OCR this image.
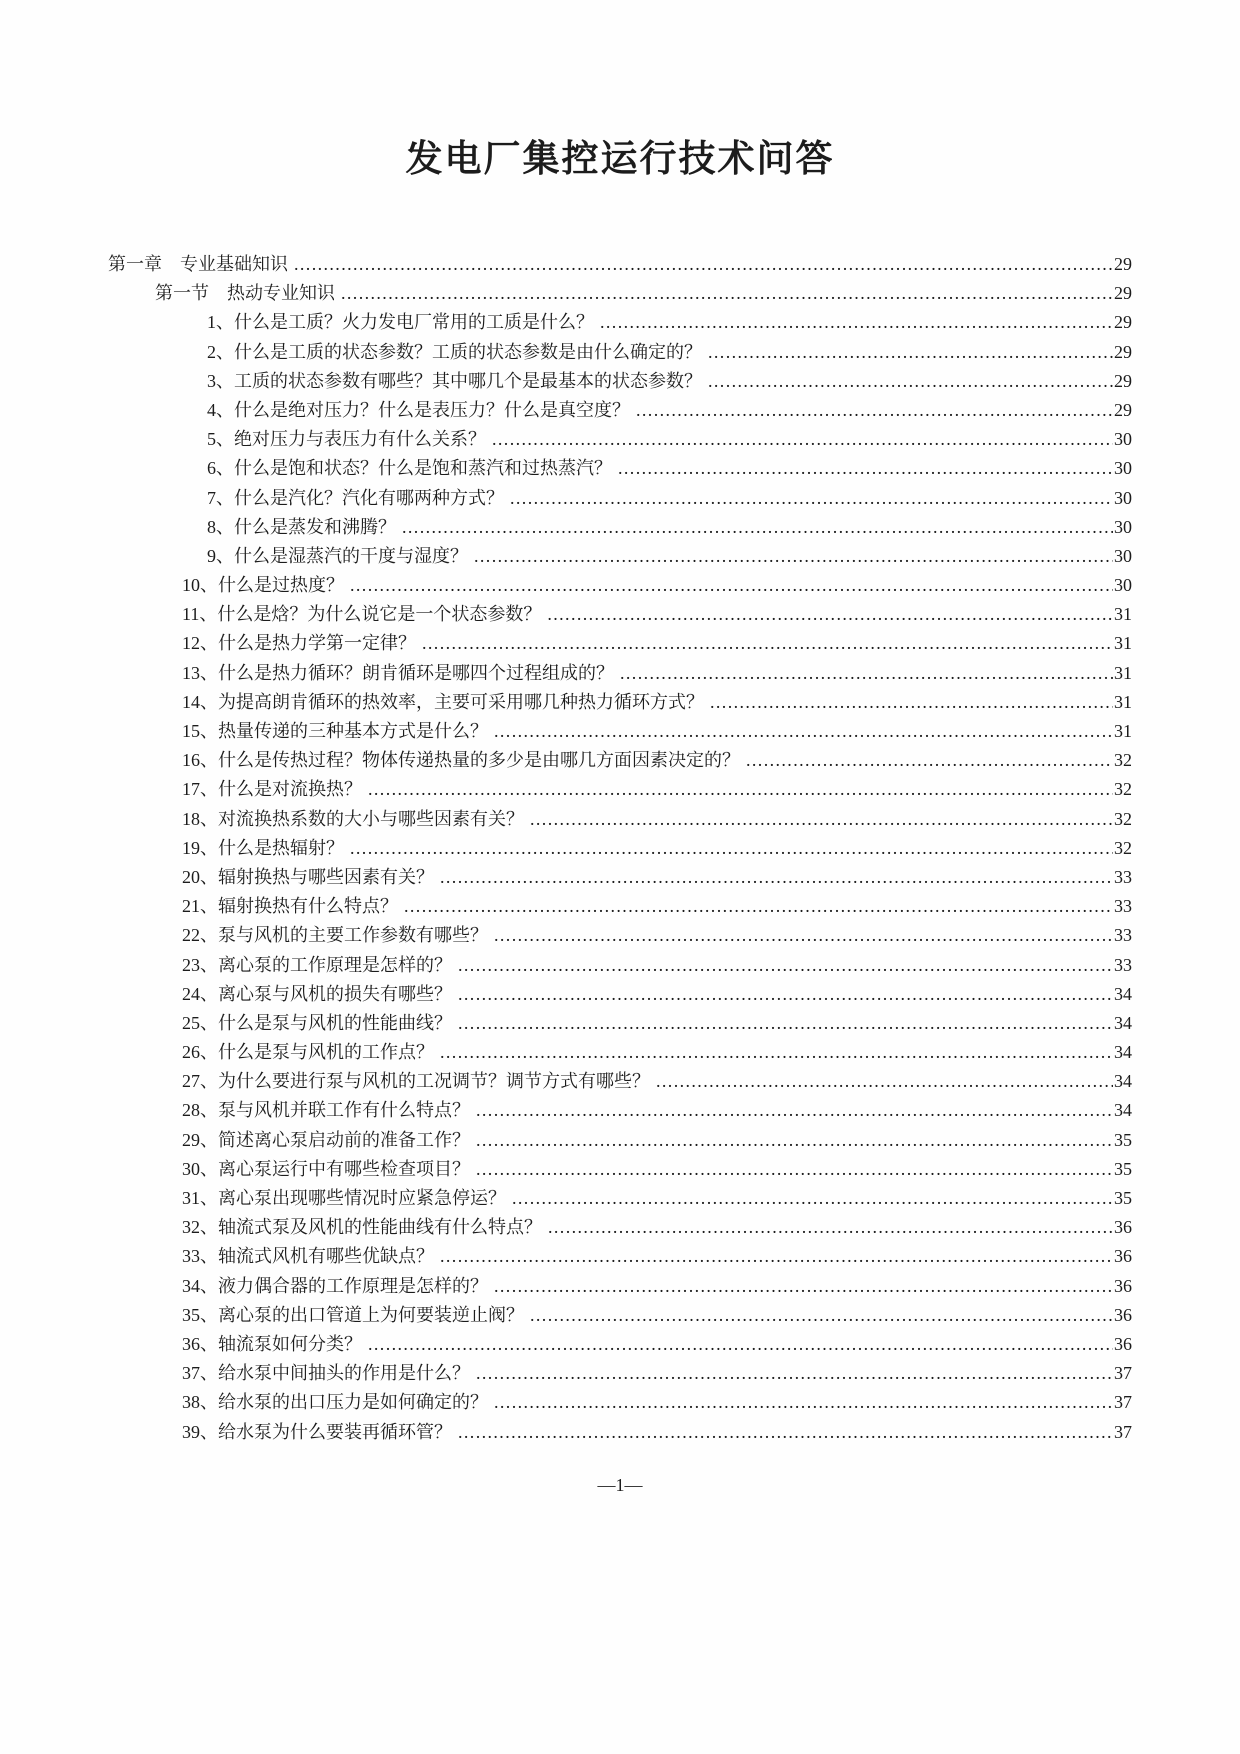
发电厂集控运行技术问答
第一章　专业基础知识 .....	29
第一节　热动专业知识 .....	29
1、什么是工质？火力发电厂常用的工质是什么？ .....	29
2、什么是工质的状态参数？工质的状态参数是由什么确定的？ .....	29
3、工质的状态参数有哪些？其中哪几个是最基本的状态参数？ .....	29
4、什么是绝对压力？什么是表压力？什么是真空度？ .....	29
5、绝对压力与表压力有什么关系？ .....	30
6、什么是饱和状态？什么是饱和蒸汽和过热蒸汽？ .....	30
7、什么是汽化？汽化有哪两种方式？ .....	30
8、什么是蒸发和沸腾？ .....	30
9、什么是湿蒸汽的干度与湿度？ .....	30
10、什么是过热度？ .....	30
11、什么是焓？为什么说它是一个状态参数？ .....	31
12、什么是热力学第一定律？ .....	31
13、什么是热力循环？朗肯循环是哪四个过程组成的？ .....	31
14、为提高朗肯循环的热效率，主要可采用哪几种热力循环方式？ .....	31
15、热量传递的三种基本方式是什么？ .....	31
16、什么是传热过程？物体传递热量的多少是由哪几方面因素决定的？ .....	32
17、什么是对流换热？ .....	32
18、对流换热系数的大小与哪些因素有关？ .....	32
19、什么是热辐射？ .....	32
20、辐射换热与哪些因素有关？ .....	33
21、辐射换热有什么特点？ .....	33
22、泵与风机的主要工作参数有哪些？ .....	33
23、离心泵的工作原理是怎样的？ .....	33
24、离心泵与风机的损失有哪些？ .....	34
25、什么是泵与风机的性能曲线？ .....	34
26、什么是泵与风机的工作点？ .....	34
27、为什么要进行泵与风机的工况调节？调节方式有哪些？ .....	34
28、泵与风机并联工作有什么特点？ .....	34
29、简述离心泵启动前的准备工作？ .....	35
30、离心泵运行中有哪些检查项目？ .....	35
31、离心泵出现哪些情况时应紧急停运？ .....	35
32、轴流式泵及风机的性能曲线有什么特点？ .....	36
33、轴流式风机有哪些优缺点？ .....	36
34、液力偶合器的工作原理是怎样的？ .....	36
35、离心泵的出口管道上为何要装逆止阀？ .....	36
36、轴流泵如何分类？ .....	36
37、给水泵中间抽头的作用是什么？ .....	37
38、给水泵的出口压力是如何确定的？ .....	37
39、给水泵为什么要装再循环管？ .....	37
—1—
